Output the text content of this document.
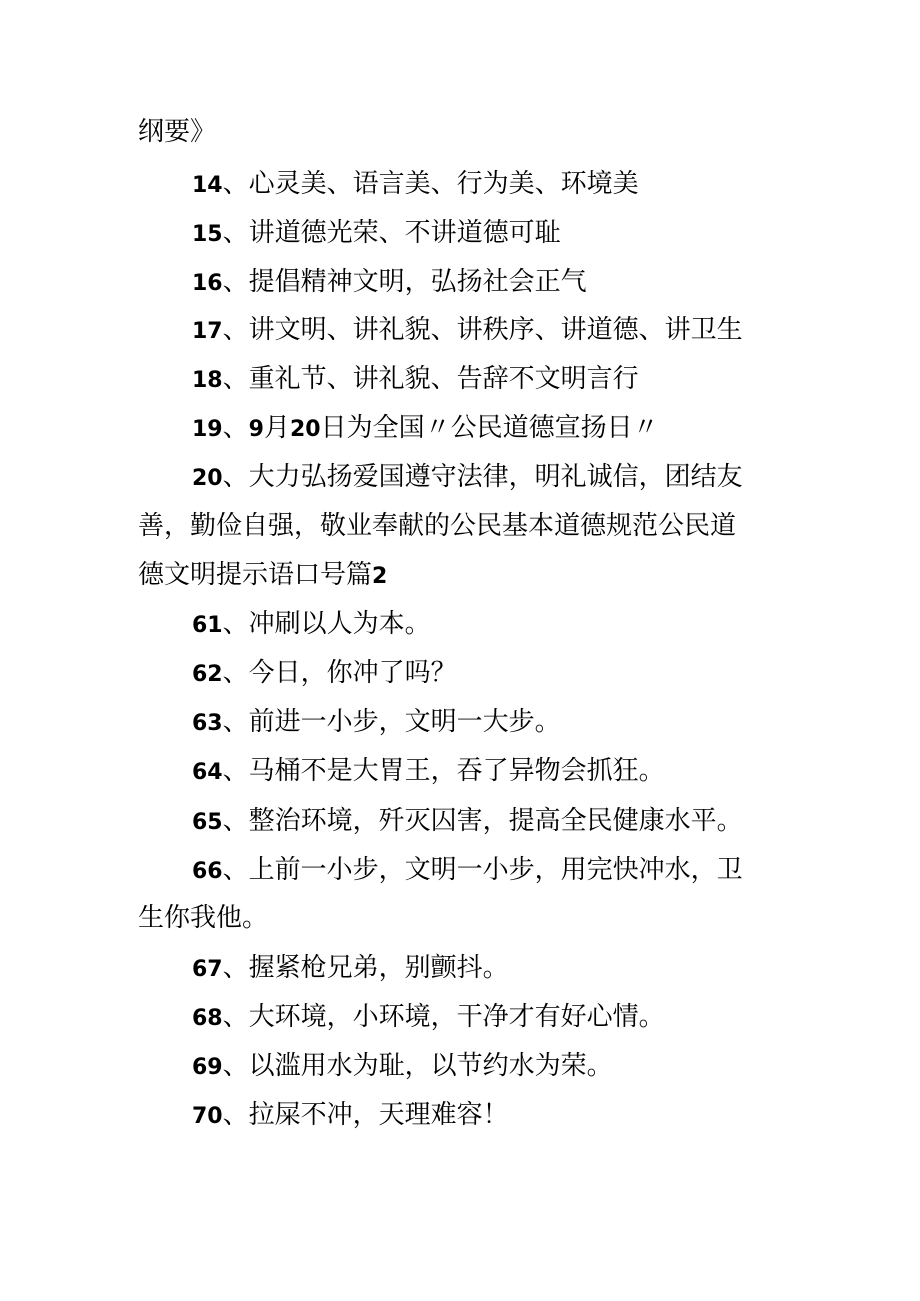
纲要》
14、心灵美、语言美、行为美、环境美
15、讲道德光荣、不讲道德可耻
16、提倡精神文明，弘扬社会正气
17、讲文明、讲礼貌、讲秩序、讲道德、讲卫生
18、重礼节、讲礼貌、告辞不文明言行
19、9月20日为全国〃公民道德宣扬日〃
20、大力弘扬爱国遵守法律，明礼诚信，团结友
善，勤俭自强，敬业奉献的公民基本道德规范公民道
德文明提示语口号篇2
61、冲刷以人为本。
62、今日，你冲了吗？
63、前进一小步，文明一大步。
64、马桶不是大胃王，吞了异物会抓狂。
65、整治环境，歼灭囚害，提高全民健康水平。
66、上前一小步，文明一小步，用完快冲水，卫
生你我他。
67、握紧枪兄弟，别颤抖。
68、大环境，小环境，干净才有好心情。
69、以滥用水为耻，以节约水为荣。
70、拉屎不冲，天理难容！
